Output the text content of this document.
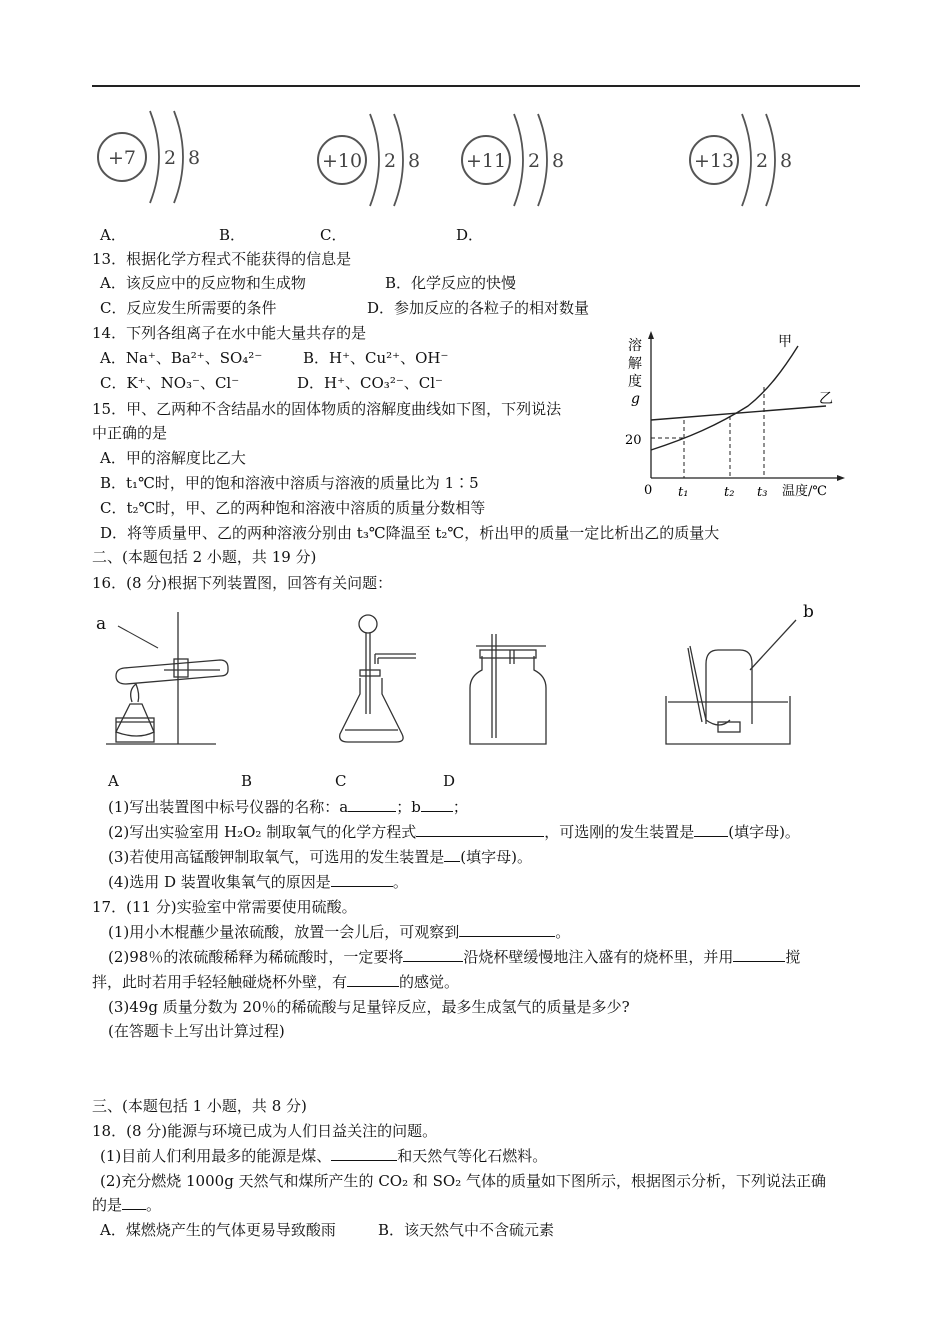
+7 2 8	+10 2 8 +11 2 8	+13 2 8
A．	B．	C．	D．
13．根据化学方程式不能获得的信息是
A．该反应中的反应物和生成物	B．化学反应的快慢
C．反应发生所需要的条件	D．参加反应的各粒子的相对数量
14．下列各组离子在水中能大量共存的是
A．Na⁺、Ba²⁺、SO₄²⁻	B．H⁺、Cu²⁺、OH⁻
C．K⁺、NO₃⁻、Cl⁻	D．H⁺、CO₃²⁻、Cl⁻
15．甲、乙两种不含结晶水的固体物质的溶解度曲线如下图，下列说法
中正确的是
A．甲的溶解度比乙大
B．t₁℃时，甲的饱和溶液中溶质与溶液的质量比为 1∶5
C．t₂℃时，甲、乙的两种饱和溶液中溶质的质量分数相等
D．将等质量甲、乙的两种溶液分别由 t₃℃降温至 t₂℃，析出甲的质量一定比析出乙的质量大
溶
解
度
g
20
0 t₁	t₂ t₃ 温度/℃
甲
乙
二、(本题包括 2 小题，共 19 分)
16．(8 分)根据下列装置图，回答有关问题：
a
b
A	B	C	D
(1)写出装置图中标号仪器的名称：a	；b ；
(2)写出实验室用 H₂O₂ 制取氧气的化学方程式	，可选刚的发生装置是 (填字母)。
(3)若使用高锰酸钾制取氧气，可选用的发生装置是 (填字母)。
(4)选用 D 装置收集氧气的原因是	。
17．(11 分)实验室中常需要使用硫酸。
(1)用小木棍蘸少量浓硫酸，放置一会儿后，可观察到	。
(2)98％的浓硫酸稀释为稀硫酸时，一定要将	沿烧杯壁缓慢地注入盛有的烧杯里，并用	搅
拌，此时若用手轻轻触碰烧杯外壁，有	的感觉。
(3)49g 质量分数为 20％的稀硫酸与足量锌反应，最多生成氢气的质量是多少?
(在答题卡上写出计算过程)
三、(本题包括 1 小题，共 8 分)
18．(8 分)能源与环境已成为人们日益关注的问题。
(1)目前人们利用最多的能源是煤、	和天然气等化石燃料。
(2)充分燃烧 1000g 天然气和煤所产生的 CO₂ 和 SO₂ 气体的质量如下图所示，根据图示分析，下列说法正确
的是 。
A．煤燃烧产生的气体更易导致酸雨	B．该天然气中不含硫元素
